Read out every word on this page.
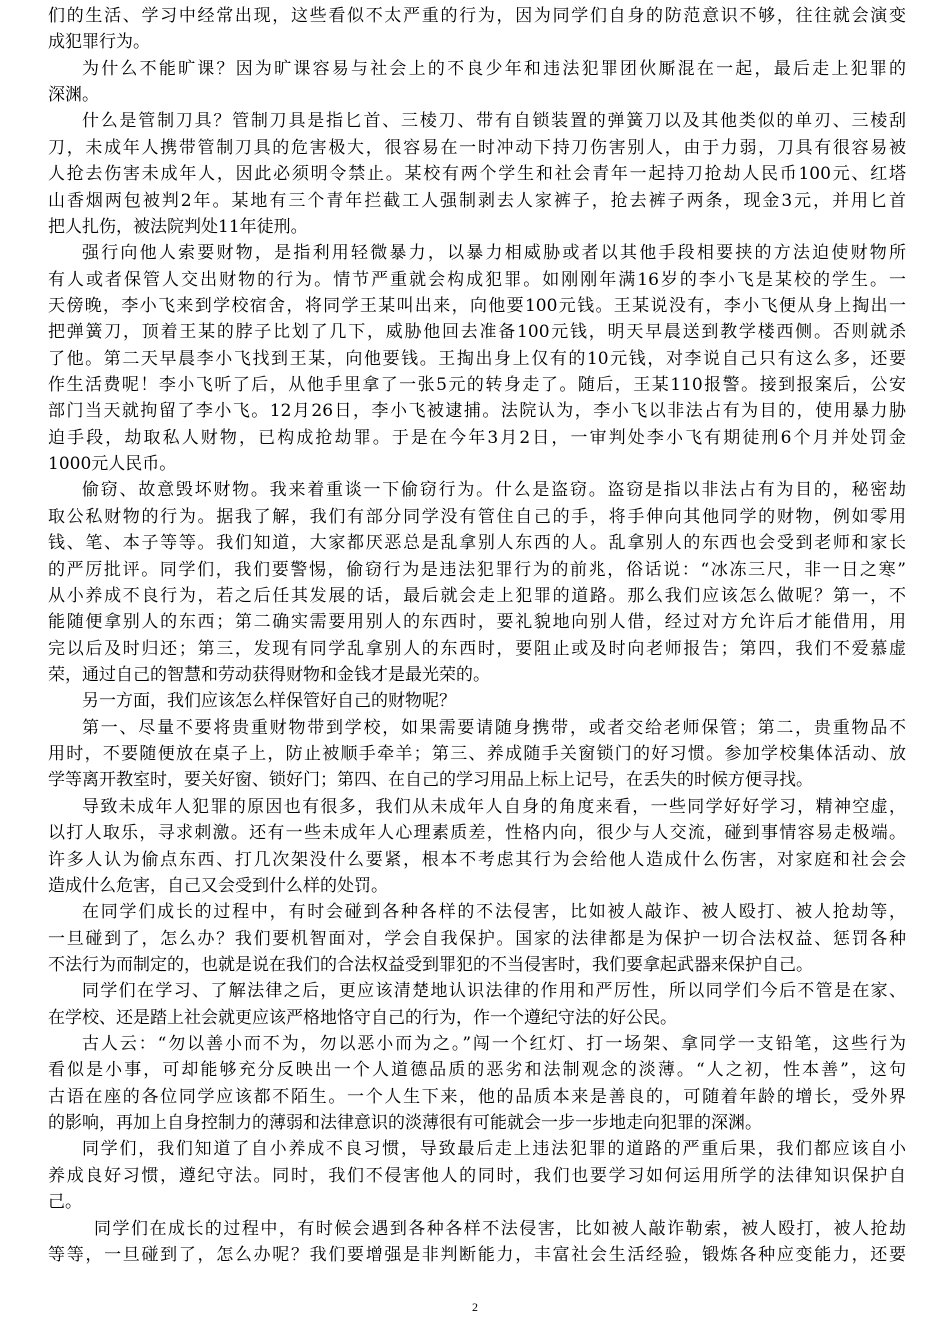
们的生活、学习中经常出现，这些看似不太严重的行为，因为同学们自身的防范意识不够，往往就会演变
成犯罪行为。
为什么不能旷课？因为旷课容易与社会上的不良少年和违法犯罪团伙厮混在一起，最后走上犯罪的
深渊。
什么是管制刀具？管制刀具是指匕首、三棱刀、带有自锁装置的弹簧刀以及其他类似的单刃、三棱刮
刀，未成年人携带管制刀具的危害极大，很容易在一时冲动下持刀伤害别人，由于力弱，刀具有很容易被
人抢去伤害未成年人，因此必须明令禁止。某校有两个学生和社会青年一起持刀抢劫人民币100元、红塔
山香烟两包被判2年。某地有三个青年拦截工人强制剥去人家裤子，抢去裤子两条，现金3元，并用匕首
把人扎伤，被法院判处11年徒刑。
强行向他人索要财物，是指利用轻微暴力，以暴力相威胁或者以其他手段相要挟的方法迫使财物所
有人或者保管人交出财物的行为。情节严重就会构成犯罪。如刚刚年满16岁的李小飞是某校的学生。一
天傍晚，李小飞来到学校宿舍，将同学王某叫出来，向他要100元钱。王某说没有，李小飞便从身上掏出一
把弹簧刀，顶着王某的脖子比划了几下，威胁他回去准备100元钱，明天早晨送到教学楼西侧。否则就杀
了他。第二天早晨李小飞找到王某，向他要钱。王掏出身上仅有的10元钱，对李说自己只有这么多，还要
作生活费呢！李小飞听了后，从他手里拿了一张5元的转身走了。随后，王某110报警。接到报案后，公安
部门当天就拘留了李小飞。12月26日，李小飞被逮捕。法院认为，李小飞以非法占有为目的，使用暴力胁
迫手段，劫取私人财物，已构成抢劫罪。于是在今年3月2日，一审判处李小飞有期徒刑6个月并处罚金
1000元人民币。
偷窃、故意毁坏财物。我来着重谈一下偷窃行为。什么是盗窃。盗窃是指以非法占有为目的，秘密劫
取公私财物的行为。据我了解，我们有部分同学没有管住自己的手，将手伸向其他同学的财物，例如零用
钱、笔、本子等等。我们知道，大家都厌恶总是乱拿别人东西的人。乱拿别人的东西也会受到老师和家长
的严厉批评。同学们，我们要警惕，偷窃行为是违法犯罪行为的前兆，俗话说：“冰冻三尺，非一日之寒”
从小养成不良行为，若之后任其发展的话，最后就会走上犯罪的道路。那么我们应该怎么做呢？第一，不
能随便拿别人的东西；第二确实需要用别人的东西时，要礼貌地向别人借，经过对方允许后才能借用，用
完以后及时归还；第三，发现有同学乱拿别人的东西时，要阻止或及时向老师报告；第四，我们不爱慕虚
荣，通过自己的智慧和劳动获得财物和金钱才是最光荣的。
另一方面，我们应该怎么样保管好自己的财物呢？
第一、尽量不要将贵重财物带到学校，如果需要请随身携带，或者交给老师保管；第二，贵重物品不
用时，不要随便放在桌子上，防止被顺手牵羊；第三、养成随手关窗锁门的好习惯。参加学校集体活动、放
学等离开教室时，要关好窗、锁好门；第四、在自己的学习用品上标上记号，在丢失的时候方便寻找。
导致未成年人犯罪的原因也有很多，我们从未成年人自身的角度来看，一些同学好好学习，精神空虚，
以打人取乐，寻求刺激。还有一些未成年人心理素质差，性格内向，很少与人交流，碰到事情容易走极端。
许多人认为偷点东西、打几次架没什么要紧，根本不考虑其行为会给他人造成什么伤害，对家庭和社会会
造成什么危害，自己又会受到什么样的处罚。
在同学们成长的过程中，有时会碰到各种各样的不法侵害，比如被人敲诈、被人殴打、被人抢劫等，
一旦碰到了，怎么办？我们要机智面对，学会自我保护。国家的法律都是为保护一切合法权益、惩罚各种
不法行为而制定的，也就是说在我们的合法权益受到罪犯的不当侵害时，我们要拿起武器来保护自己。
同学们在学习、了解法律之后，更应该清楚地认识法律的作用和严厉性，所以同学们今后不管是在家、
在学校、还是踏上社会就更应该严格地恪守自己的行为，作一个遵纪守法的好公民。
古人云：“勿以善小而不为，勿以恶小而为之。”闯一个红灯、打一场架、拿同学一支铅笔，这些行为
看似是小事，可却能够充分反映出一个人道德品质的恶劣和法制观念的淡薄。“人之初，性本善”，这句
古语在座的各位同学应该都不陌生。一个人生下来，他的品质本来是善良的，可随着年龄的增长，受外界
的影响，再加上自身控制力的薄弱和法律意识的淡薄很有可能就会一步一步地走向犯罪的深渊。
同学们，我们知道了自小养成不良习惯，导致最后走上违法犯罪的道路的严重后果，我们都应该自小
养成良好习惯，遵纪守法。同时，我们不侵害他人的同时，我们也要学习如何运用所学的法律知识保护自
己。
同学们在成长的过程中，有时候会遇到各种各样不法侵害，比如被人敲诈勒索，被人殴打，被人抢劫
等等，一旦碰到了，怎么办呢？我们要增强是非判断能力，丰富社会生活经验，锻炼各种应变能力，还要
2
